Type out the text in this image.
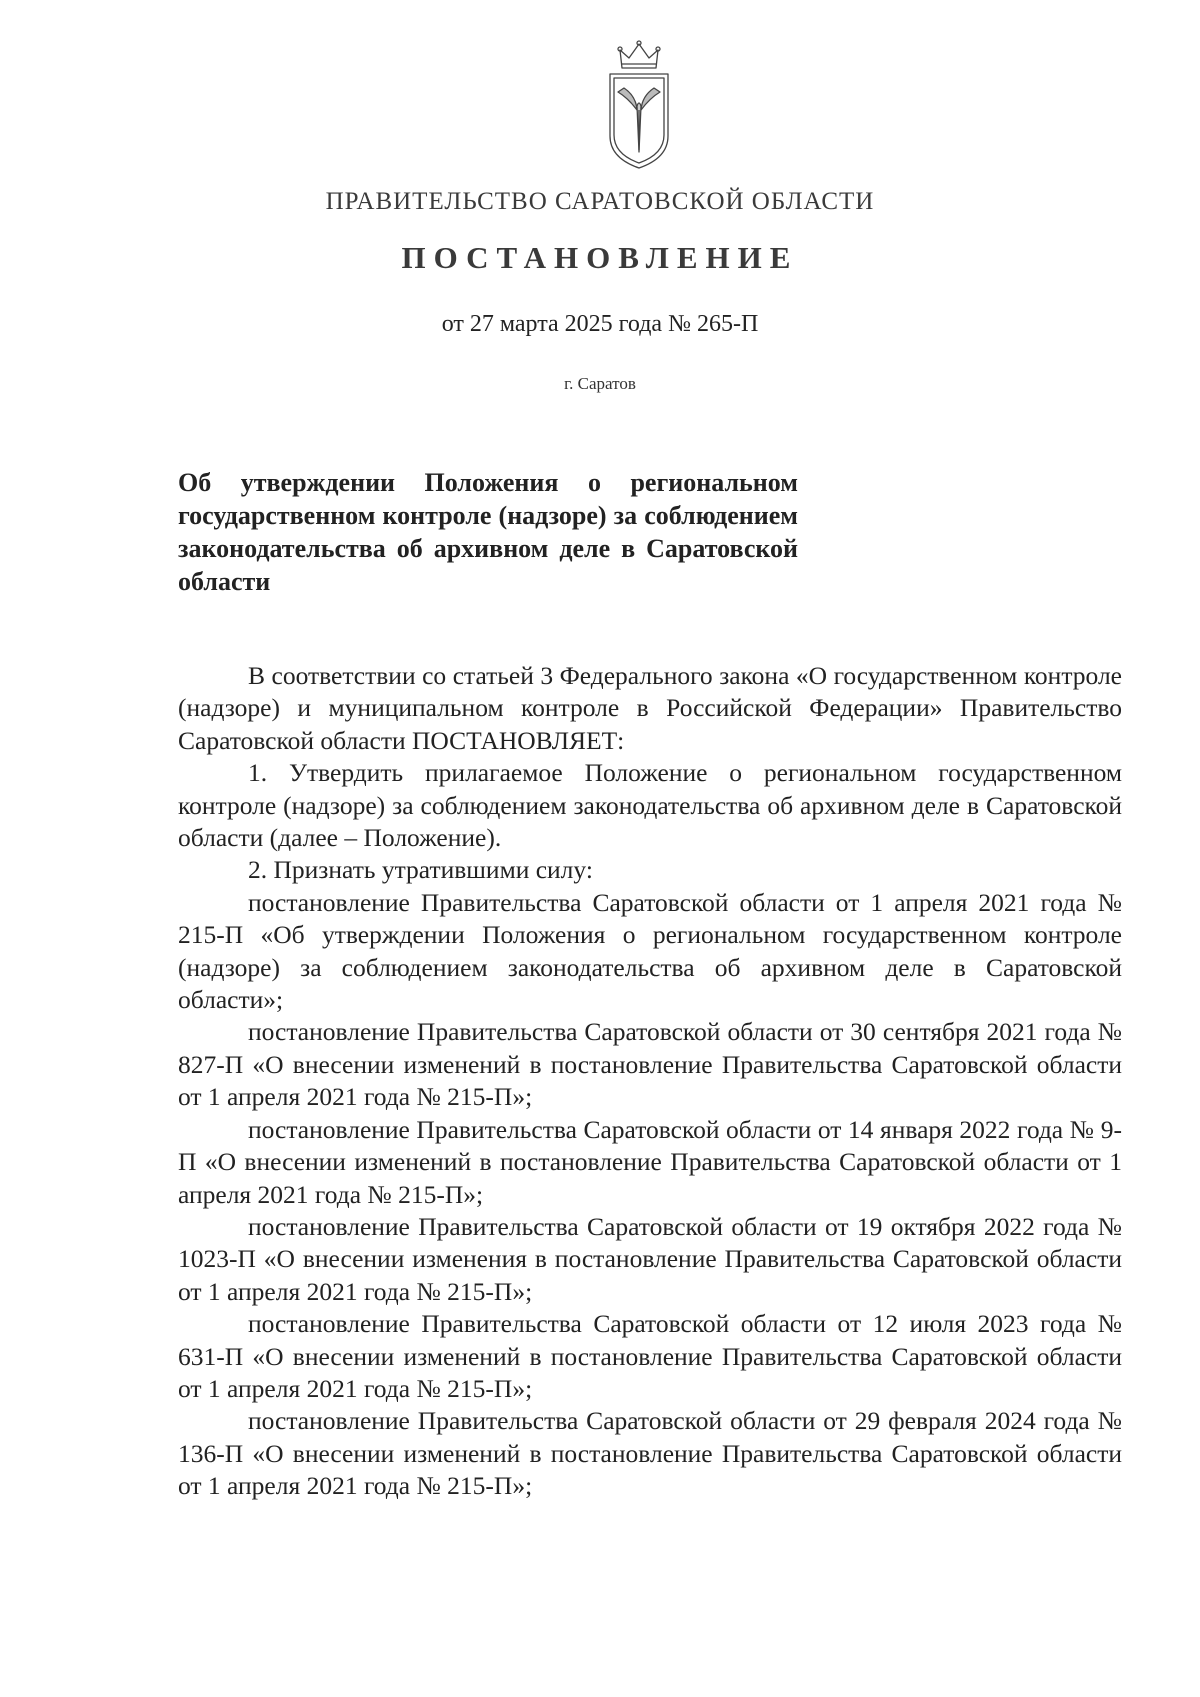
ПРАВИТЕЛЬСТВО САРАТОВСКОЙ ОБЛАСТИ
ПОСТАНОВЛЕНИЕ
от 27 марта 2025 года № 265-П
г. Саратов

Об утверждении Положения о региональном государственном контроле (надзоре) за соблюдением законодательства об архивном деле в Саратовской области

В соответствии со статьей 3 Федерального закона «О государственном контроле (надзоре) и муниципальном контроле в Российской Федерации» Правительство Саратовской области ПОСТАНОВЛЯЕТ:

1. Утвердить прилагаемое Положение о региональном государственном контроле (надзоре) за соблюдением законодательства об архивном деле в Саратовской области (далее – Положение).

2. Признать утратившими силу:

постановление Правительства Саратовской области от 1 апреля 2021 года № 215-П «Об утверждении Положения о региональном государственном контроле (надзоре) за соблюдением законодательства об архивном деле в Саратовской области»;

постановление Правительства Саратовской области от 30 сентября 2021 года № 827-П «О внесении изменений в постановление Правительства Саратовской области от 1 апреля 2021 года № 215-П»;

постановление Правительства Саратовской области от 14 января 2022 года № 9-П «О внесении изменений в постановление Правительства Саратовской области от 1 апреля 2021 года № 215-П»;

постановление Правительства Саратовской области от 19 октября 2022 года № 1023-П «О внесении изменения в постановление Правительства Саратовской области от 1 апреля 2021 года № 215-П»;

постановление Правительства Саратовской области от 12 июля 2023 года № 631-П «О внесении изменений в постановление Правительства Саратовской области от 1 апреля 2021 года № 215-П»;

постановление Правительства Саратовской области от 29 февраля 2024 года № 136-П «О внесении изменений в постановление Правительства Саратовской области от 1 апреля 2021 года № 215-П»;
